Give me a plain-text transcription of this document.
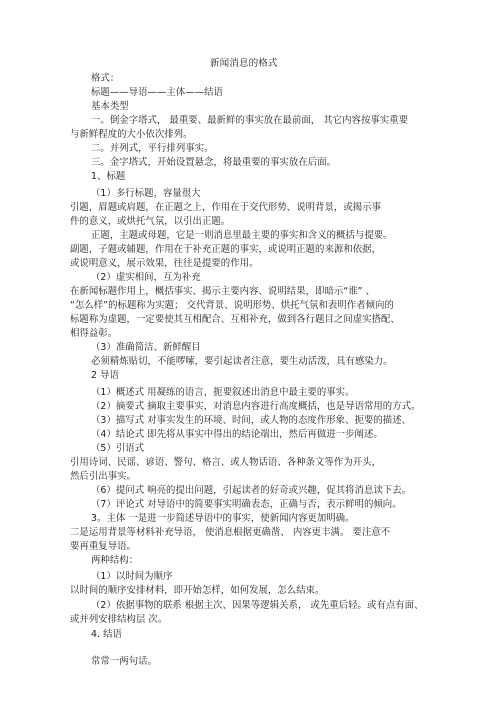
新闻消息的格式

格式：

标题——导语——主体——结语

基本类型

一。倒金字塔式， 最重要、最新鲜的事实放在最前面， 其它内容按事实重要

与新鲜程度的大小依次排列。

二。并列式，平行排列事实。

三。金字塔式，开始设置悬念，将最重要的事实放在后面。

1、标题

（1）多行标题，容量很大

引题，眉题或肩题，在正题之上，作用在于交代形势、说明背景，或揭示事

件的意义，或烘托气氛，以引出正题。

正题，主题或母题，它是一则消息里最主要的事实和含义的概括与提要。

副题，子题或辅题，作用在于补充正题的事实，或说明正题的来源和依据，

或说明意义，展示效果，往往是提要的作用。

（2）虚实相间，互为补充

在新闻标题作用上，概括事实、揭示主要内容、说明结果，即暗示“谁” 、

“怎么样”的标题称为实题； 交代背景、说明形势、烘托气氛和表明作者倾向的

标题称为虚题，一定要使其互相配合、互相补充，做到各行题目之间虚实搭配、

相得益彰。

（3）准确简洁、新鲜醒目

必须精炼贴切，不能啰嗦，要引起读者注意，要生动活泼，具有感染力。

2 导语

（1）概述式 用凝练的语言，扼要叙述出消息中最主要的事实。

（2）摘要式 摘取主要事实，对消息内容进行高度概括，也是导语常用的方式。

（3）描写式 对事实发生的环境、时间，或人物的态度作形象、扼要的描述、

（4）结论式 即先将从事实中得出的结论端出，然后再做进一步阐述。

（5）引语式

引用诗词、民谣、谚语、警句、格言、或人物话语、各种条文等作为开头，

然后引出事实。

（6）提问式 响亮的提出问题，引起读者的好奇或兴趣，促其将消息读下去。

（7）评论式 对导语中的简要事实明确表态，正确与否，表示鲜明的倾向。

3。主体 一是进一步简述导语中的事实，使新闻内容更加明确。

二是运用背景等材料补充导语， 使消息根据更确凿、 内容更丰满。 要注意不

要再重复导语。

两种结构：

（1）以时间为顺序

以时间的顺序安排材料，即开始怎样，如何发展，怎么结束。

（2）依据事物的联系 根据主次、因果等逻辑关系， 或先重后轻。或有点有面、

或并列安排结构层 次。

4. 结语

常常一两句话。
